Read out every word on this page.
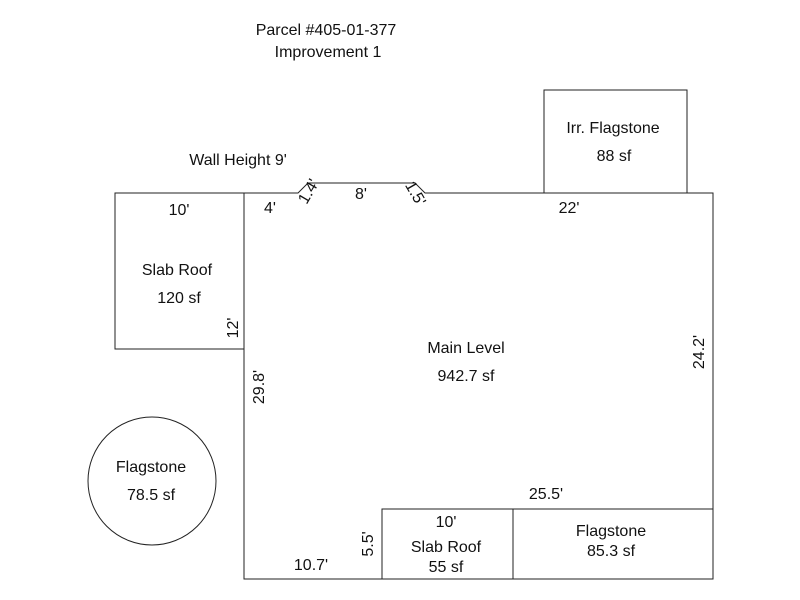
Parcel #405-01-377
Improvement 1
Wall Height 9'
Slab Roof
120 sf
Irr. Flagstone
88 sf
Main Level
942.7 sf
Flagstone
78.5 sf
Slab Roof
55 sf
Flagstone
85.3 sf
10'	4'
1.4' 8' 1.5'	22'
12'
29.8'
24.2'
25.5'
10'
5.5'
10.7'
